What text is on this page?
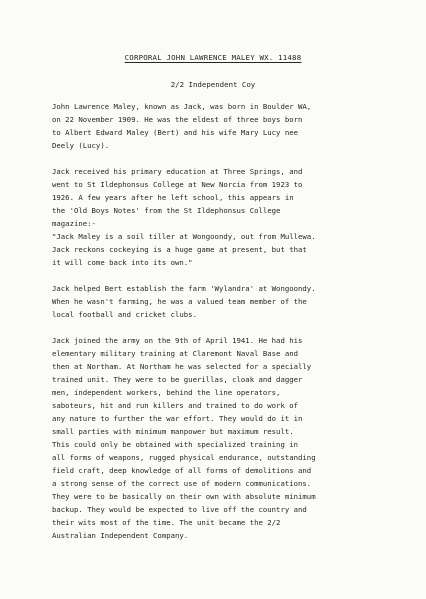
CORPORAL JOHN LAWRENCE MALEY WX. 11488
2/2 Independent Coy
John Lawrence Maley, known as Jack, was born in Boulder WA,
on 22 November 1909. He was the eldest of three boys born
to Albert Edward Maley (Bert) and his wife Mary Lucy nee
Deely (Lucy).
Jack received his primary education at Three Springs, and
went to St Ildephonsus College at New Norcia from 1923 to
1926. A few years after he left school, this appears in
the 'Old Boys Notes' from the St Ildephonsus College
magazine:-
"Jack Maley is a soil tiller at Wongoondy, out from Mullewa.
Jack reckons cockeying is a huge game at present, but that
it will come back into its own."
Jack helped Bert establish the farm 'Wylandra' at Wongoondy.
When he wasn't farming, he was a valued team member of the
local football and cricket clubs.
Jack joined the army on the 9th of April 1941. He had his
elementary military training at Claremont Naval Base and
then at Northam. At Northam he was selected for a specially
trained unit. They were to be guerillas, cloak and dagger
men, independent workers, behind the line operators,
saboteurs, hit and run killers and trained to do work of
any nature to further the war effort. They would do it in
small parties with minimum manpower but maximum result.
This could only be obtained with specialized training in
all forms of weapons, rugged physical endurance, outstanding
field craft, deep knowledge of all forms of demolitions and
a strong sense of the correct use of modern communications.
They were to be basically on their own with absolute minimum
backup. They would be expected to live off the country and
their wits most of the time. The unit became the 2/2
Australian Independent Company.
